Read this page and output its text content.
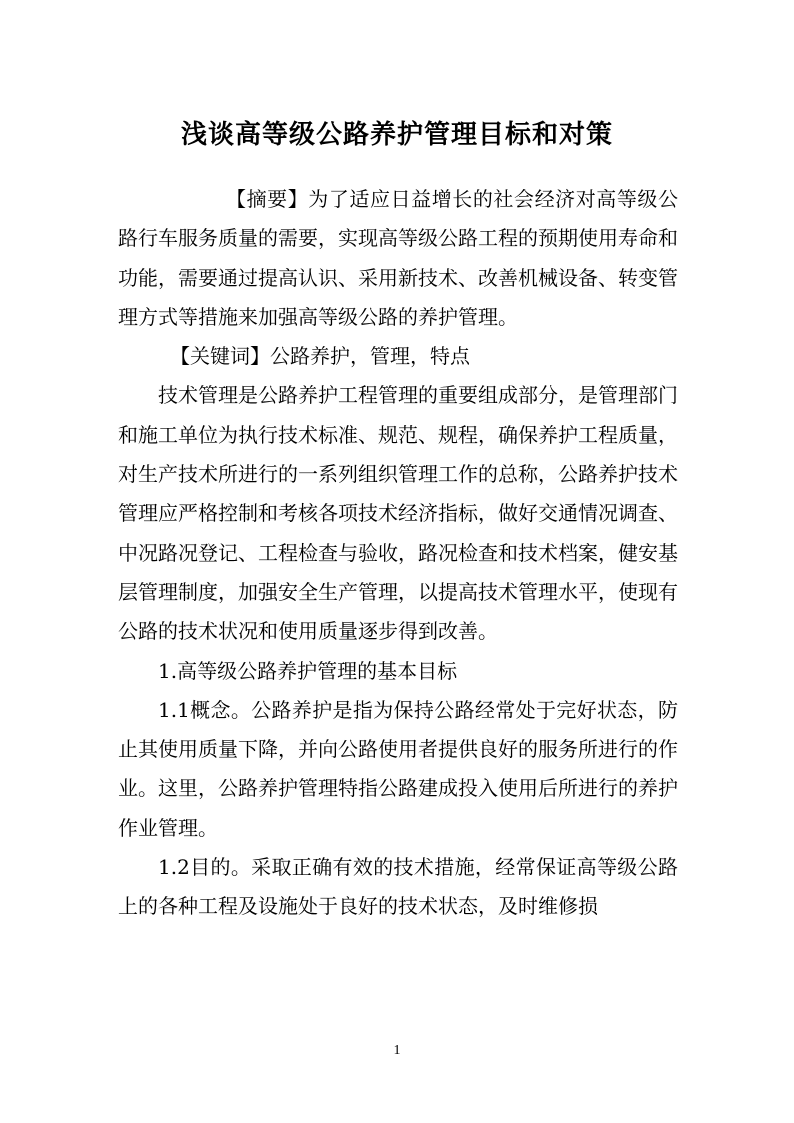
浅谈高等级公路养护管理目标和对策

【摘要】为了适应日益增长的社会经济对高等级公路行车服务质量的需要，实现高等级公路工程的预期使用寿命和功能，需要通过提高认识、采用新技术、改善机械设备、转变管理方式等措施来加强高等级公路的养护管理。

【关键词】公路养护，管理，特点

技术管理是公路养护工程管理的重要组成部分，是管理部门和施工单位为执行技术标准、规范、规程，确保养护工程质量，对生产技术所进行的一系列组织管理工作的总称，公路养护技术管理应严格控制和考核各项技术经济指标，做好交通情况调查、中况路况登记、工程检查与验收，路况检查和技术档案，健安基层管理制度，加强安全生产管理，以提高技术管理水平，使现有公路的技术状况和使用质量逐步得到改善。

1.高等级公路养护管理的基本目标

1.1概念。公路养护是指为保持公路经常处于完好状态，防止其使用质量下降，并向公路使用者提供良好的服务所进行的作业。这里，公路养护管理特指公路建成投入使用后所进行的养护作业管理。

1.2目的。采取正确有效的技术措施，经常保证高等级公路上的各种工程及设施处于良好的技术状态，及时维修损

1
